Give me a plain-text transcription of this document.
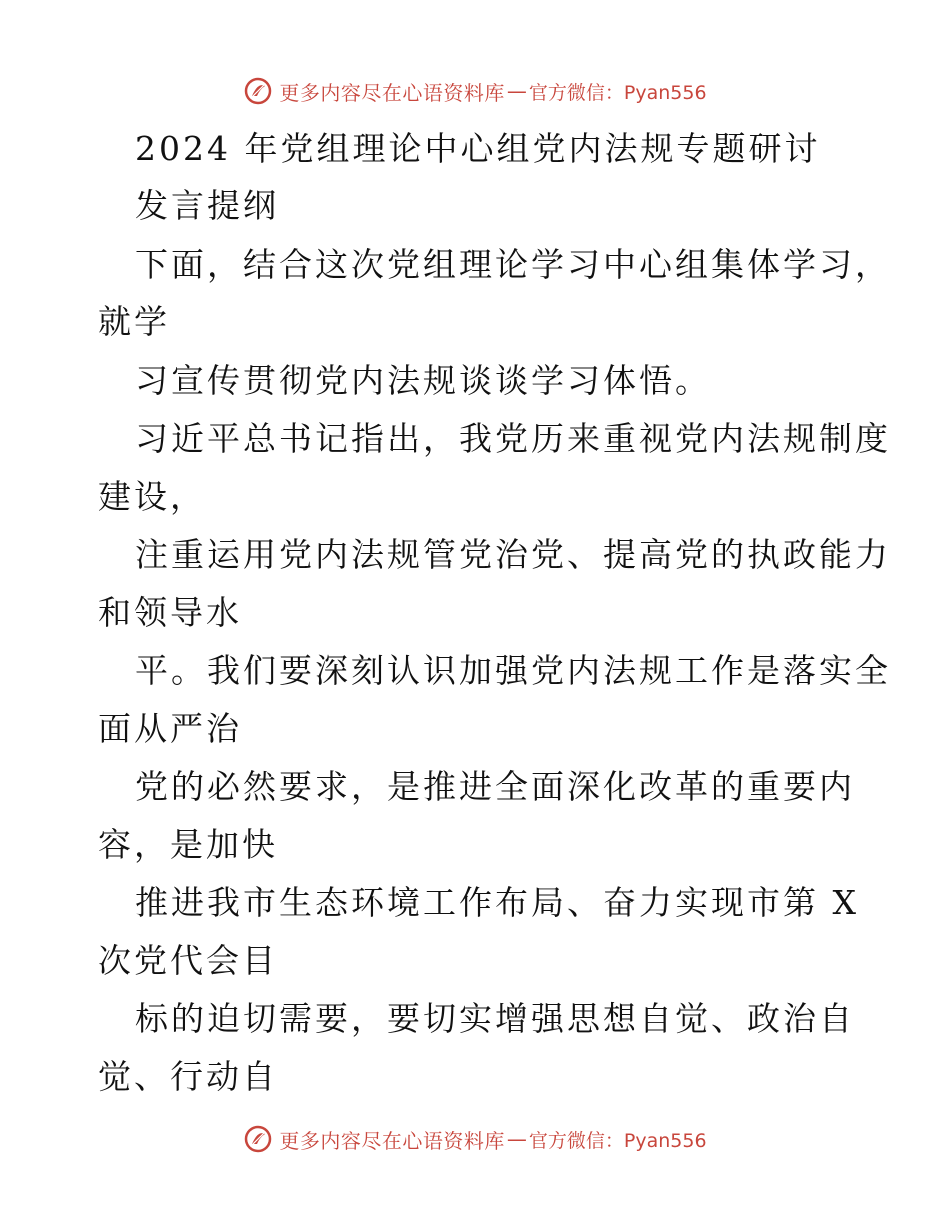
更多内容尽在心语资料库 — 官方微信：Pyan556
2024 年党组理论中心组党内法规专题研讨
发言提纲
下面，结合这次党组理论学习中心组集体学习，
就学
习宣传贯彻党内法规谈谈学习体悟。
习近平总书记指出，我党历来重视党内法规制度
建设，
注重运用党内法规管党治党、提高党的执政能力
和领导水
平。我们要深刻认识加强党内法规工作是落实全
面从严治
党的必然要求，是推进全面深化改革的重要内
容，是加快
推进我市生态环境工作布局、奋力实现市第 X
次党代会目
标的迫切需要，要切实增强思想自觉、政治自
觉、行动自
更多内容尽在心语资料库 — 官方微信：Pyan556
